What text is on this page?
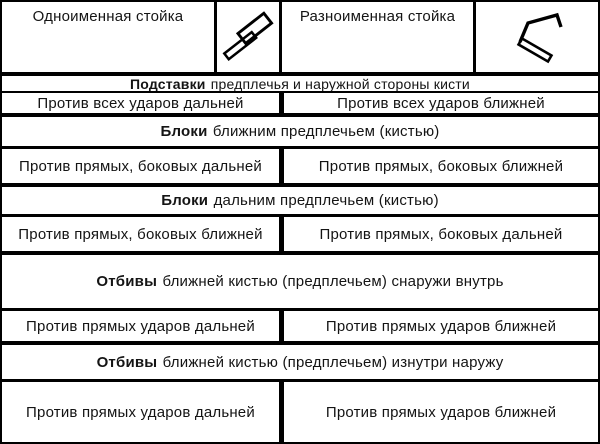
Одноименная стойка	Разноименная стойка
Подставки предплечья и наружной стороны кисти
Против всех ударов дальней	Против всех ударов ближней
Блоки ближним предплечьем (кистью)
Против прямых, боковых дальней	Против прямых, боковых ближней
Блоки дальним предплечьем (кистью)
Против прямых, боковых ближней	Против прямых, боковых дальней
Отбивы ближней кистью (предплечьем) снаружи внутрь
Против прямых ударов дальней	Против прямых ударов ближней
Отбивы ближней кистью (предплечьем) изнутри наружу
Против прямых ударов дальней	Против прямых ударов ближней
